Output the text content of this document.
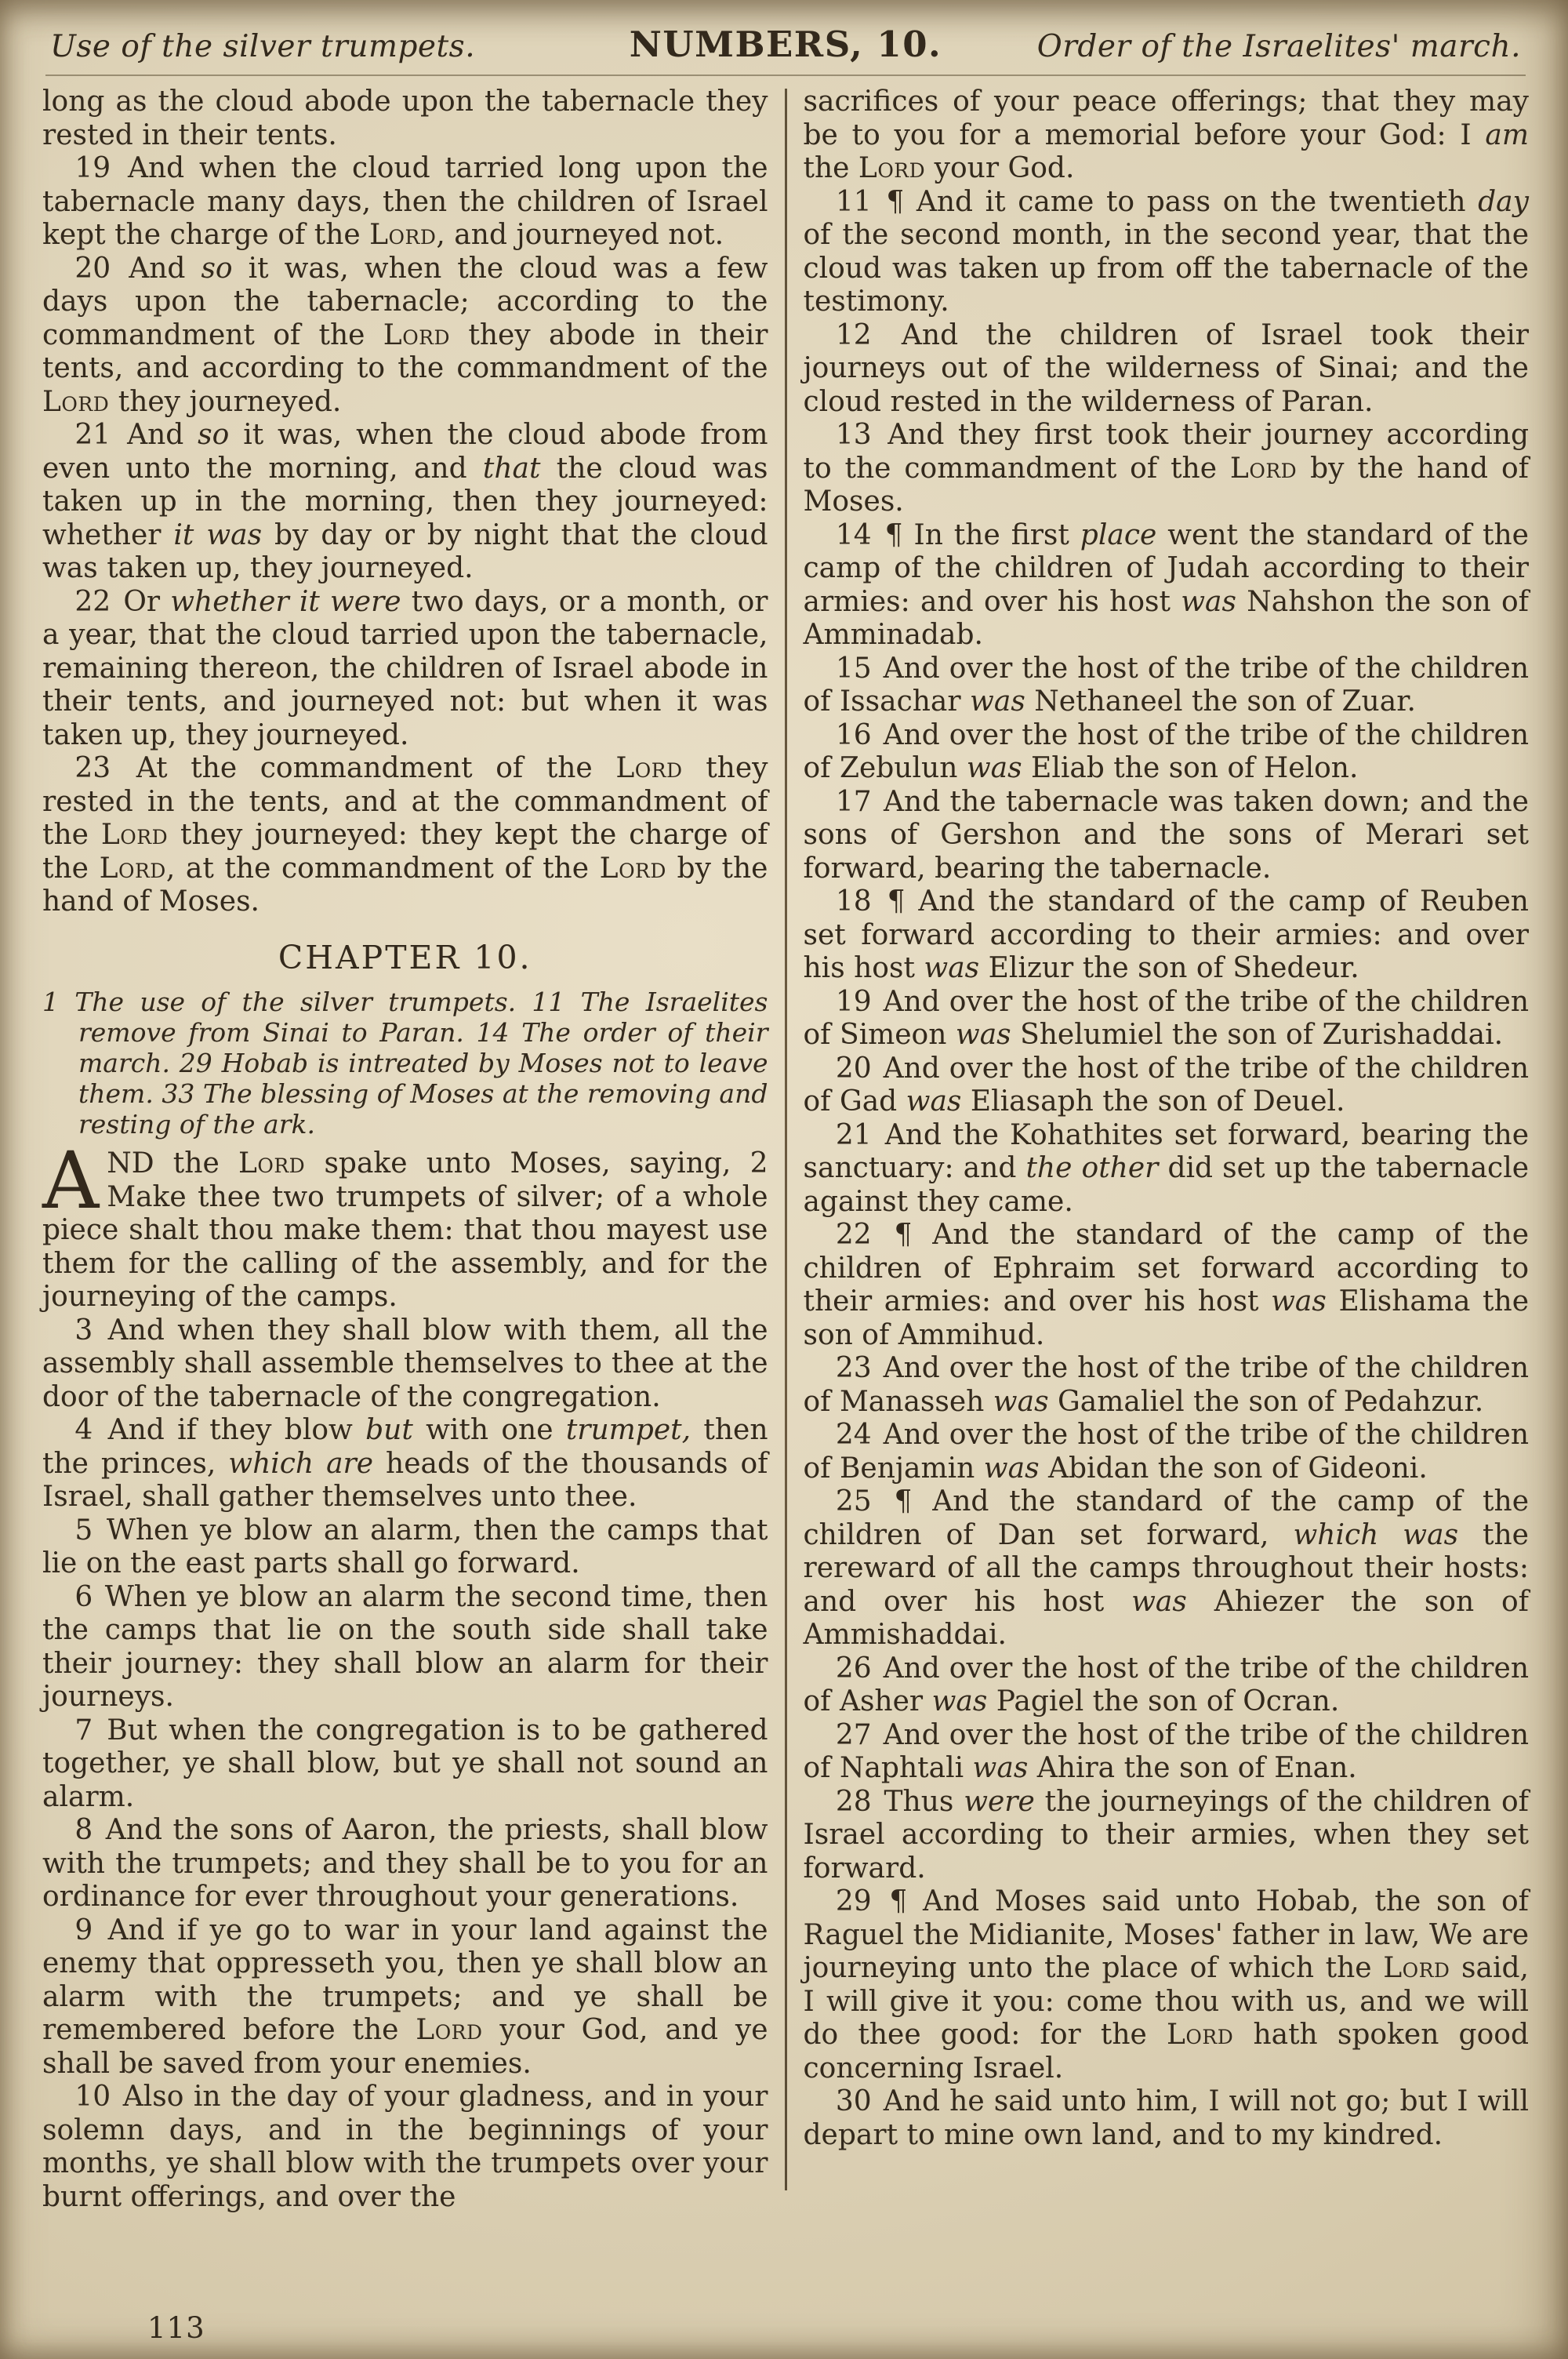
Use of the silver trumpets.	NUMBERS, 10.	Order of the Israelites' march.

long as the cloud abode upon the tabernacle they rested in their tents.

19 And when the cloud tarried long upon the tabernacle many days, then the children of Israel kept the charge of the Lord, and journeyed not.

20 And so it was, when the cloud was a few days upon the tabernacle; according to the commandment of the Lord they abode in their tents, and according to the commandment of the Lord they journeyed.

21 And so it was, when the cloud abode from even unto the morning, and that the cloud was taken up in the morning, then they journeyed: whether it was by day or by night that the cloud was taken up, they journeyed.

22 Or whether it were two days, or a month, or a year, that the cloud tarried upon the tabernacle, remaining thereon, the children of Israel abode in their tents, and journeyed not: but when it was taken up, they journeyed.

23 At the commandment of the Lord they rested in the tents, and at the commandment of the Lord they journeyed: they kept the charge of the Lord, at the commandment of the Lord by the hand of Moses.

CHAPTER 10.

1 The use of the silver trumpets. 11 The Israelites remove from Sinai to Paran. 14 The order of their march. 29 Hobab is intreated by Moses not to leave them. 33 The blessing of Moses at the removing and resting of the ark.

AND the Lord spake unto Moses, saying, 2 Make thee two trumpets of silver; of a whole piece shalt thou make them: that thou mayest use them for the calling of the assembly, and for the journeying of the camps.

3 And when they shall blow with them, all the assembly shall assemble themselves to thee at the door of the tabernacle of the congregation.

4 And if they blow but with one trumpet, then the princes, which are heads of the thousands of Israel, shall gather themselves unto thee.

5 When ye blow an alarm, then the camps that lie on the east parts shall go forward.

6 When ye blow an alarm the second time, then the camps that lie on the south side shall take their journey: they shall blow an alarm for their journeys.

7 But when the congregation is to be gathered together, ye shall blow, but ye shall not sound an alarm.

8 And the sons of Aaron, the priests, shall blow with the trumpets; and they shall be to you for an ordinance for ever throughout your generations.

9 And if ye go to war in your land against the enemy that oppresseth you, then ye shall blow an alarm with the trumpets; and ye shall be remembered before the Lord your God, and ye shall be saved from your enemies.

10 Also in the day of your gladness, and in your solemn days, and in the beginnings of your months, ye shall blow with the trumpets over your burnt offerings, and over the

sacrifices of your peace offerings; that they may be to you for a memorial before your God: I am the Lord your God.

11 ¶ And it came to pass on the twentieth day of the second month, in the second year, that the cloud was taken up from off the tabernacle of the testimony.

12 And the children of Israel took their journeys out of the wilderness of Sinai; and the cloud rested in the wilderness of Paran.

13 And they first took their journey according to the commandment of the Lord by the hand of Moses.

14 ¶ In the first place went the standard of the camp of the children of Judah according to their armies: and over his host was Nahshon the son of Amminadab.

15 And over the host of the tribe of the children of Issachar was Nethaneel the son of Zuar.

16 And over the host of the tribe of the children of Zebulun was Eliab the son of Helon.

17 And the tabernacle was taken down; and the sons of Gershon and the sons of Merari set forward, bearing the tabernacle.

18 ¶ And the standard of the camp of Reuben set forward according to their armies: and over his host was Elizur the son of Shedeur.

19 And over the host of the tribe of the children of Simeon was Shelumiel the son of Zurishaddai.

20 And over the host of the tribe of the children of Gad was Eliasaph the son of Deuel.

21 And the Kohathites set forward, bearing the sanctuary: and the other did set up the tabernacle against they came.

22 ¶ And the standard of the camp of the children of Ephraim set forward according to their armies: and over his host was Elishama the son of Ammihud.

23 And over the host of the tribe of the children of Manasseh was Gamaliel the son of Pedahzur.

24 And over the host of the tribe of the children of Benjamin was Abidan the son of Gideoni.

25 ¶ And the standard of the camp of the children of Dan set forward, which was the rereward of all the camps throughout their hosts: and over his host was Ahiezer the son of Ammishaddai.

26 And over the host of the tribe of the children of Asher was Pagiel the son of Ocran.

27 And over the host of the tribe of the children of Naphtali was Ahira the son of Enan.

28 Thus were the journeyings of the children of Israel according to their armies, when they set forward.

29 ¶ And Moses said unto Hobab, the son of Raguel the Midianite, Moses' father in law, We are journeying unto the place of which the Lord said, I will give it you: come thou with us, and we will do thee good: for the Lord hath spoken good concerning Israel.

30 And he said unto him, I will not go; but I will depart to mine own land, and to my kindred.

113
